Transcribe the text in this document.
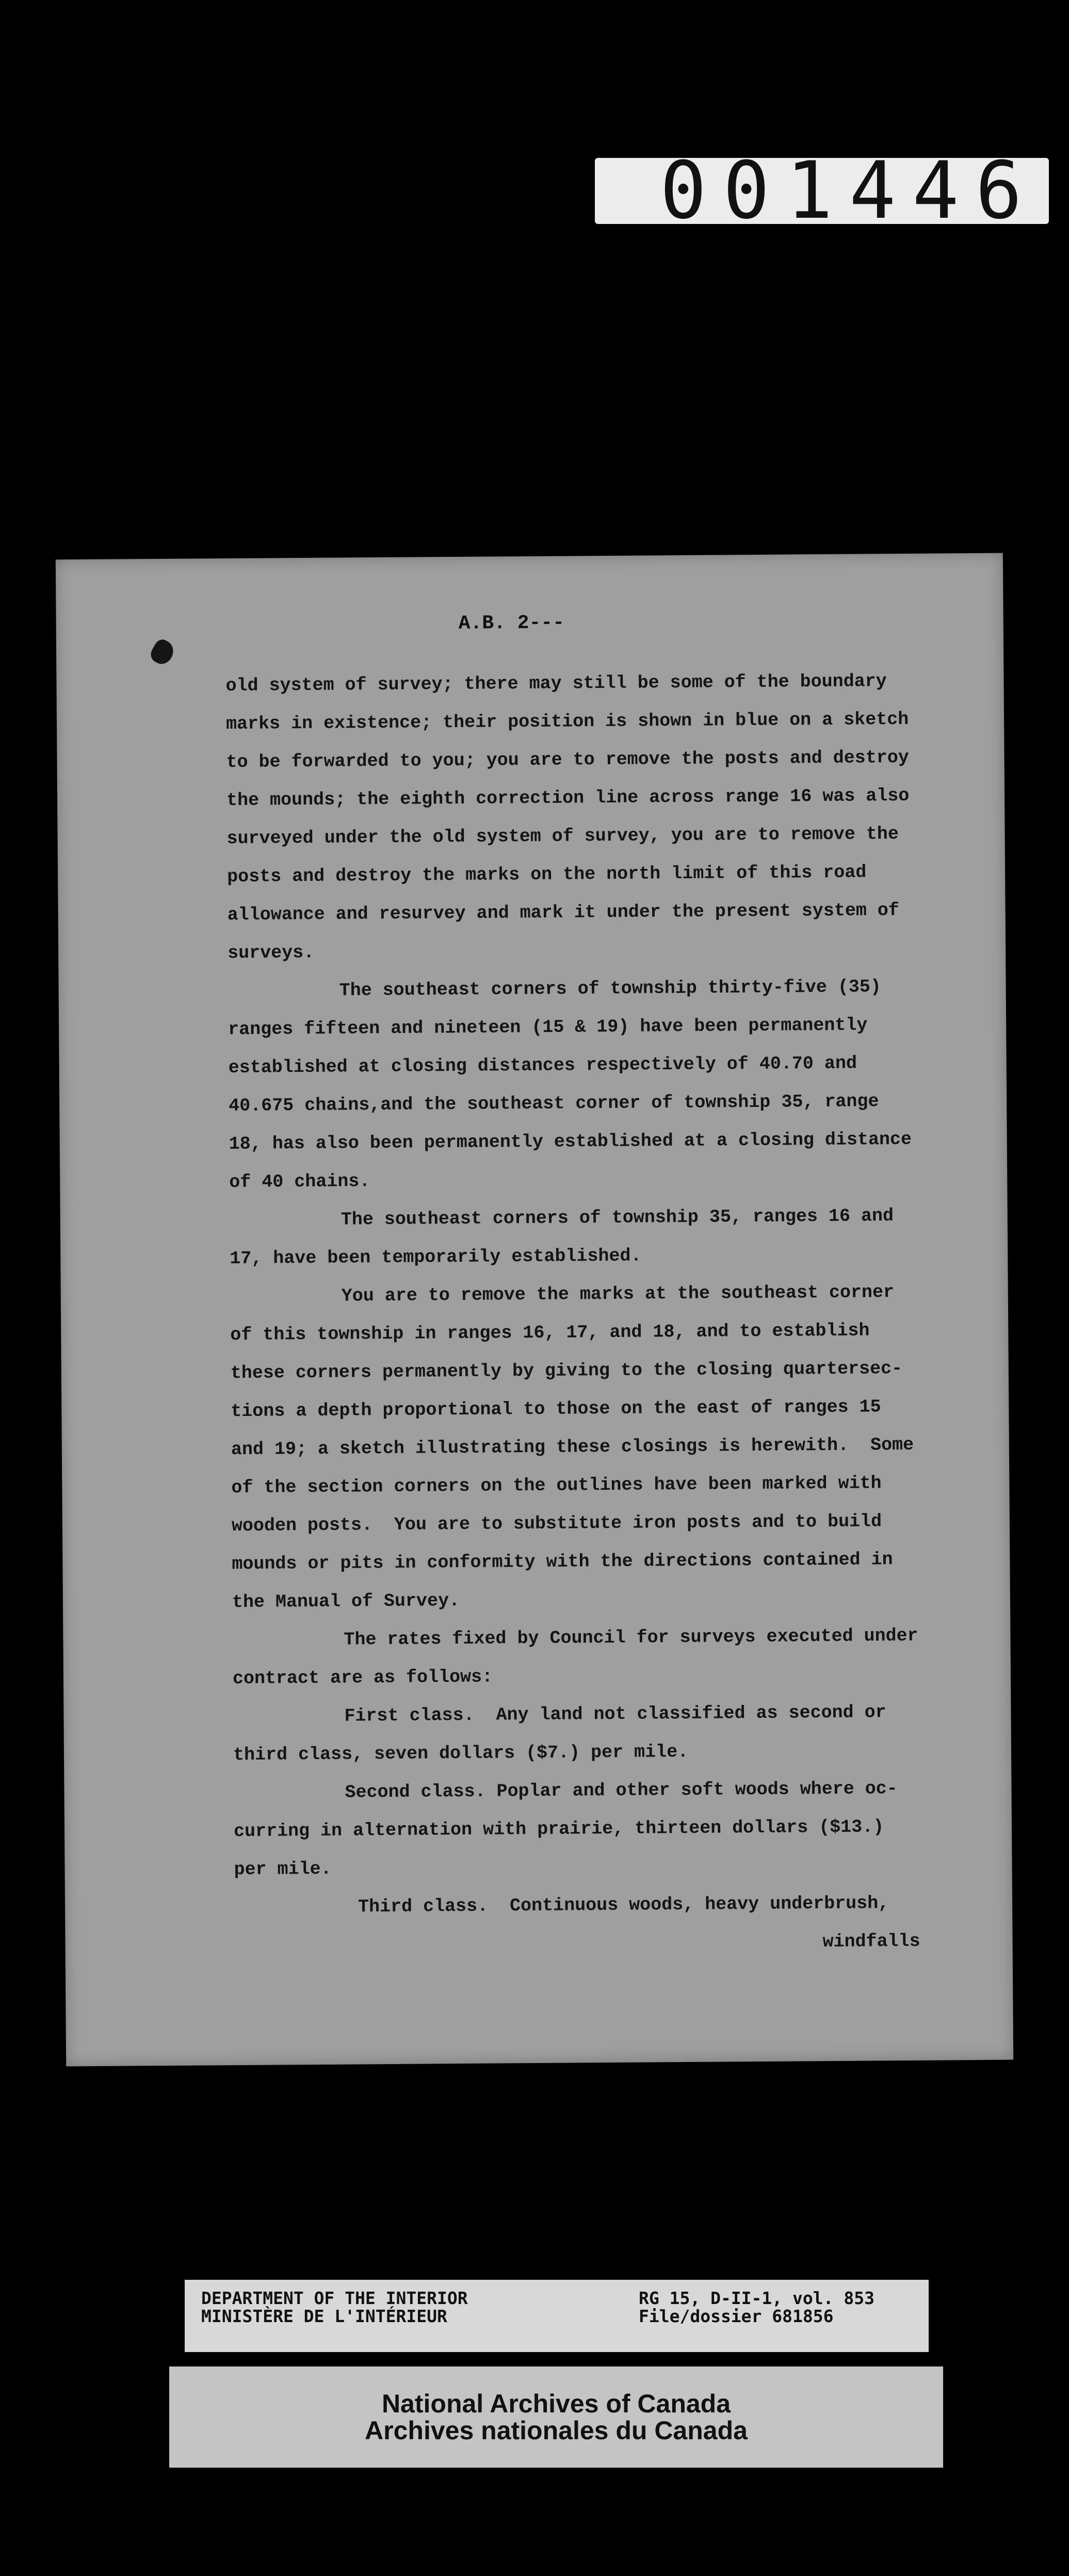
001446
A.B. 2---
old system of survey; there may still be some of the boundary
marks in existence; their position is shown in blue on a sketch
to be forwarded to you; you are to remove the posts and destroy
the mounds; the eighth correction line across range 16 was also
surveyed under the old system of survey, you are to remove the
posts and destroy the marks on the north limit of this road
allowance and resurvey and mark it under the present system of
surveys.
The southeast corners of township thirty-five (35)
ranges fifteen and nineteen (15 & 19) have been permanently
established at closing distances respectively of 40.70 and
40.675 chains,and the southeast corner of township 35, range
18, has also been permanently established at a closing distance
of 40 chains.
The southeast corners of township 35, ranges 16 and
17, have been temporarily established.
You are to remove the marks at the southeast corner
of this township in ranges 16, 17, and 18, and to establish
these corners permanently by giving to the closing quartersec-
tions a depth proportional to those on the east of ranges 15
and 19; a sketch illustrating these closings is herewith.  Some
of the section corners on the outlines have been marked with
wooden posts.  You are to substitute iron posts and to build
mounds or pits in conformity with the directions contained in
the Manual of Survey.
The rates fixed by Council for surveys executed under
contract are as follows:
First class.  Any land not classified as second or
third class, seven dollars ($7.) per mile.
Second class. Poplar and other soft woods where oc-
curring in alternation with prairie, thirteen dollars ($13.)
per mile.
Third class.  Continuous woods, heavy underbrush,
windfalls
DEPARTMENT OF THE INTERIOR
MINISTÈRE DE L'INTÉRIEUR
RG 15, D-II-1, vol. 853
File/dossier 681856
National Archives of Canada
Archives nationales du Canada
